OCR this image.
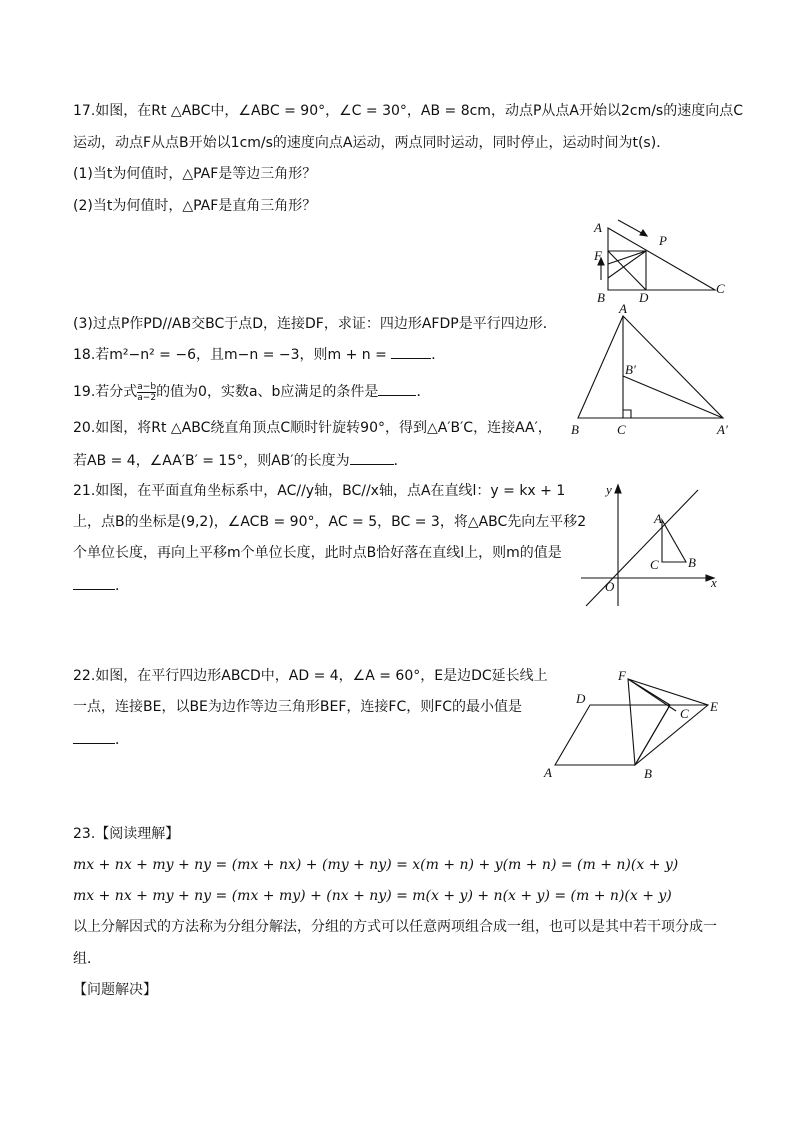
17.如图，在Rt △ABC中，∠ABC = 90°，∠C = 30°，AB = 8cm，动点P从点A开始以2cm/s的速度向点C
运动，动点F从点B开始以1cm/s的速度向点A运动，两点同时运动，同时停止，运动时间为t(s)．
(1)当t为何值时，△PAF是等边三角形？
(2)当t为何值时，△PAF是直角三角形？
A
P
F
B	D
C
(3)过点P作PD//AB交BC于点D，连接DF，求证：四边形AFDP是平行四边形．
18.若m²−n² = −6，且m−n = −3，则m + n =	．
19.若分式 $\frac{a-b}{a-2}$ 的值为0，实数a、b应满足的条件是	．
A
B′
B	C	A′
20.如图，将Rt △ABC绕直角顶点C顺时针旋转90°，得到△A′B′C，连接AA′，
若AB = 4，∠AA′B′ = 15°，则AB′的长度为	．
21.如图，在平面直角坐标系中，AC//y轴，BC//x轴，点A在直线l：y = kx + 1
上，点B的坐标是(9,2)，∠ACB = 90°，AC = 5，BC = 3，将△ABC先向左平移2
个单位长度，再向上平移m个单位长度，此时点B恰好落在直线l上，则m的值是
．
y
A
C B
O	x
22.如图，在平行四边形ABCD中，AD = 4，∠A = 60°，E是边DC延长线上
一点，连接BE，以BE为边作等边三角形BEF，连接FC，则FC的最小值是
．
F
D
C E
A	B
23.【阅读理解】
mx + nx + my + ny = (mx + nx) + (my + ny) = x(m + n) + y(m + n) = (m + n)(x + y)
mx + nx + my + ny = (mx + my) + (nx + ny) = m(x + y) + n(x + y) = (m + n)(x + y)
以上分解因式的方法称为分组分解法，分组的方式可以任意两项组合成一组，也可以是其中若干项分成一
组．
【问题解决】
